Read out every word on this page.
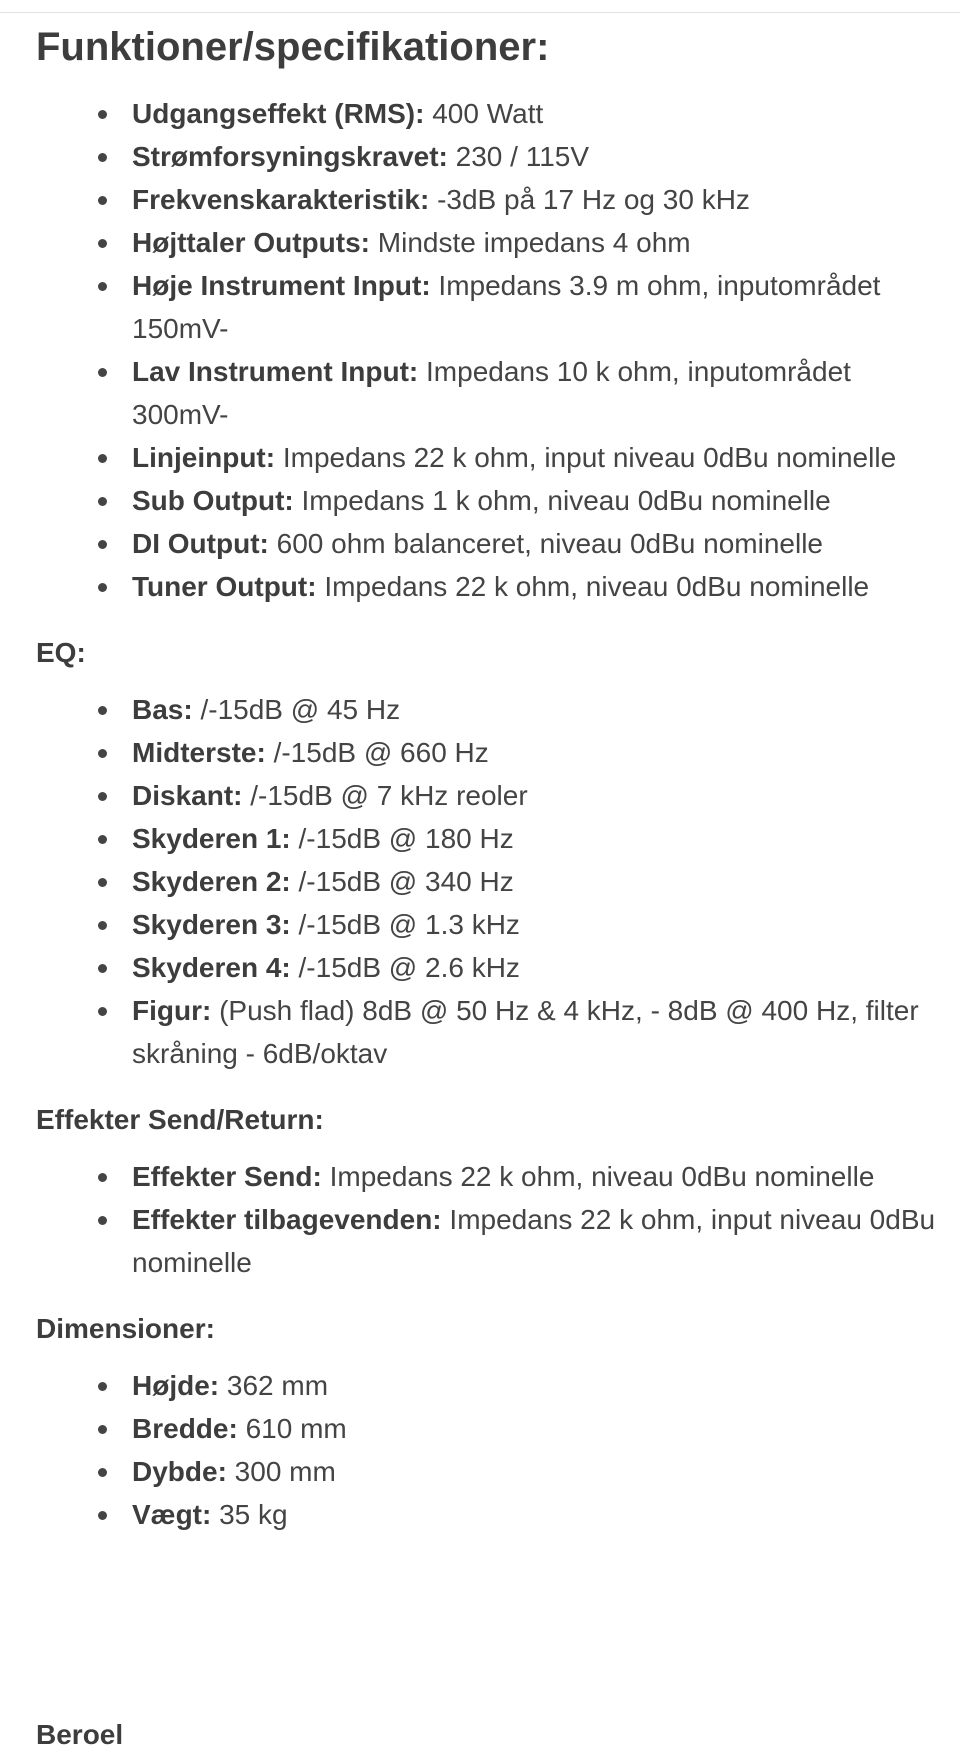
Funktioner/specifikationer:
Udgangseffekt (RMS): 400 Watt
Strømforsyningskravet: 230 / 115V
Frekvenskarakteristik: -3dB på 17 Hz og 30 kHz
Højttaler Outputs: Mindste impedans 4 ohm
Høje Instrument Input: Impedans 3.9 m ohm, inputområdet 150mV-
Lav Instrument Input: Impedans 10 k ohm, inputområdet 300mV-
Linjeinput: Impedans 22 k ohm, input niveau 0dBu nominelle
Sub Output: Impedans 1 k ohm, niveau 0dBu nominelle
DI Output: 600 ohm balanceret, niveau 0dBu nominelle
Tuner Output: Impedans 22 k ohm, niveau 0dBu nominelle
EQ:
Bas: /-15dB @ 45 Hz
Midterste: /-15dB @ 660 Hz
Diskant: /-15dB @ 7 kHz reoler
Skyderen 1: /-15dB @ 180 Hz
Skyderen 2: /-15dB @ 340 Hz
Skyderen 3: /-15dB @ 1.3 kHz
Skyderen 4: /-15dB @ 2.6 kHz
Figur: (Push flad) 8dB @ 50 Hz & 4 kHz, - 8dB @ 400 Hz, filter skråning - 6dB/oktav
Effekter Send/Return:
Effekter Send: Impedans 22 k ohm, niveau 0dBu nominelle
Effekter tilbagevenden: Impedans 22 k ohm, input niveau 0dBu nominelle
Dimensioner:
Højde: 362 mm
Bredde: 610 mm
Dybde: 300 mm
Vægt: 35 kg
Beroel
